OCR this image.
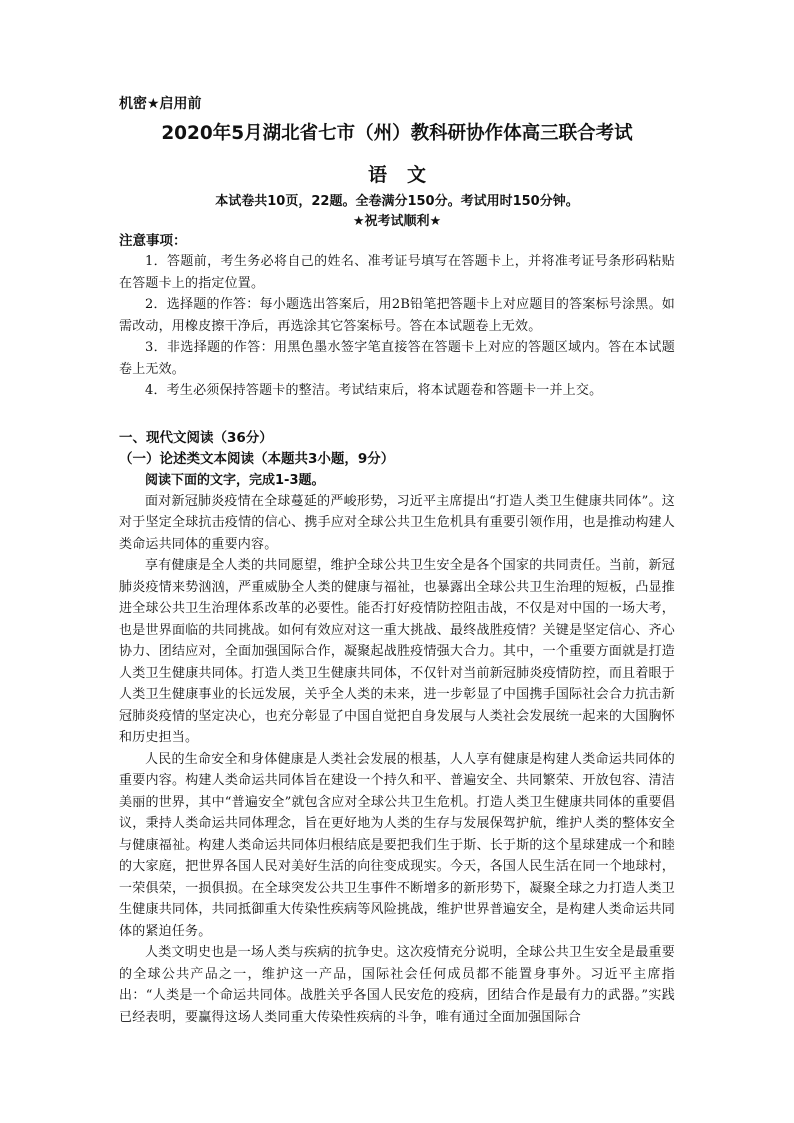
机密★启用前

2020年5月湖北省七市（州）教科研协作体高三联合考试

语文

本试卷共10页，22题。全卷满分150分。考试用时150分钟。

★祝考试顺利★

注意事项：

1．答题前，考生务必将自己的姓名、准考证号填写在答题卡上，并将准考证号条形码粘贴在答题卡上的指定位置。

2．选择题的作答：每小题选出答案后，用2B铅笔把答题卡上对应题目的答案标号涂黑。如需改动，用橡皮擦干净后，再选涂其它答案标号。答在本试题卷上无效。

3．非选择题的作答：用黑色墨水签字笔直接答在答题卡上对应的答题区域内。答在本试题卷上无效。

4．考生必须保持答题卡的整洁。考试结束后，将本试题卷和答题卡一并上交。

一、现代文阅读（36分）

（一）论述类文本阅读（本题共3小题，9分）

阅读下面的文字，完成1-3题。

面对新冠肺炎疫情在全球蔓延的严峻形势，习近平主席提出“打造人类卫生健康共同体”。这对于坚定全球抗击疫情的信心、携手应对全球公共卫生危机具有重要引领作用，也是推动构建人类命运共同体的重要内容。

享有健康是全人类的共同愿望，维护全球公共卫生安全是各个国家的共同责任。当前，新冠肺炎疫情来势汹汹，严重威胁全人类的健康与福祉，也暴露出全球公共卫生治理的短板，凸显推进全球公共卫生治理体系改革的必要性。能否打好疫情防控阻击战，不仅是对中国的一场大考，也是世界面临的共同挑战。如何有效应对这一重大挑战、最终战胜疫情？关键是坚定信心、齐心协力、团结应对，全面加强国际合作，凝聚起战胜疫情强大合力。其中，一个重要方面就是打造人类卫生健康共同体。打造人类卫生健康共同体，不仅针对当前新冠肺炎疫情防控，而且着眼于人类卫生健康事业的长远发展，关乎全人类的未来，进一步彰显了中国携手国际社会合力抗击新冠肺炎疫情的坚定决心，也充分彰显了中国自觉把自身发展与人类社会发展统一起来的大国胸怀和历史担当。

人民的生命安全和身体健康是人类社会发展的根基，人人享有健康是构建人类命运共同体的重要内容。构建人类命运共同体旨在建设一个持久和平、普遍安全、共同繁荣、开放包容、清洁美丽的世界，其中“普遍安全”就包含应对全球公共卫生危机。打造人类卫生健康共同体的重要倡议，秉持人类命运共同体理念，旨在更好地为人类的生存与发展保驾护航，维护人类的整体安全与健康福祉。构建人类命运共同体归根结底是要把我们生于斯、长于斯的这个星球建成一个和睦的大家庭，把世界各国人民对美好生活的向往变成现实。今天，各国人民生活在同一个地球村，一荣俱荣，一损俱损。在全球突发公共卫生事件不断增多的新形势下，凝聚全球之力打造人类卫生健康共同体，共同抵御重大传染性疾病等风险挑战，维护世界普遍安全，是构建人类命运共同体的紧迫任务。

人类文明史也是一场人类与疾病的抗争史。这次疫情充分说明，全球公共卫生安全是最重要的全球公共产品之一，维护这一产品，国际社会任何成员都不能置身事外。习近平主席指出：“人类是一个命运共同体。战胜关乎各国人民安危的疫病，团结合作是最有力的武器。”实践已经表明，要赢得这场人类同重大传染性疾病的斗争，唯有通过全面加强国际合
